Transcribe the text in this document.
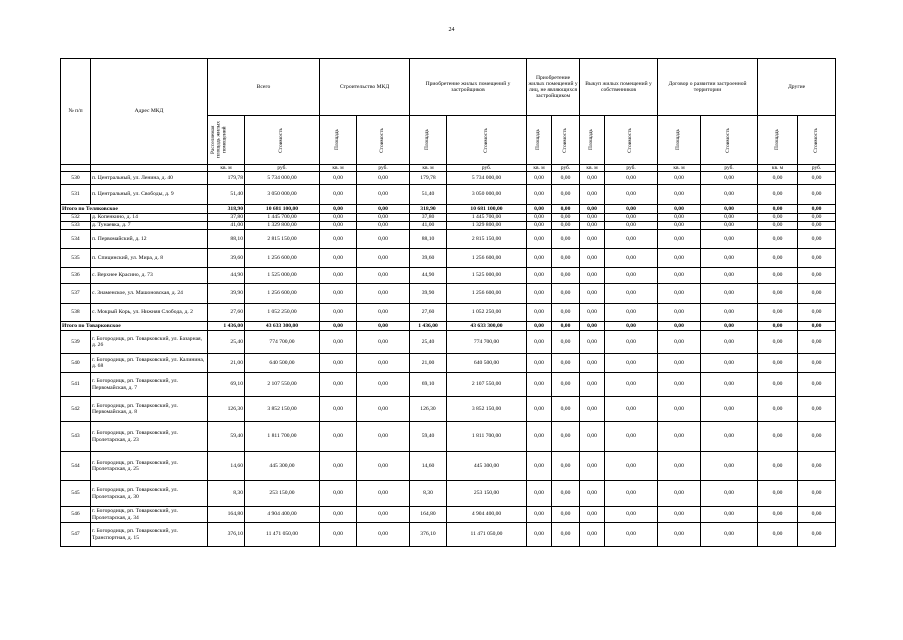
24
№ п/п	Адрес МКД	Всего		Строительство МКД		Приобретение жилых помещений у застройщиков		Приобретение жилых помещений у лиц, не являющихся застройщиком		Выкуп жилых помещений у собственников		Договор о развитии застроенной территории		Другие	

		Расселяемая площадь жилых помещений	Стоимость	Площадь	Стоимость	Площадь	Стоимость	Площадь	Стоимость	Площадь	Стоимость	Площадь	Стоимость	Площадь	Стоимость

		кв. м	руб.	кв. м	руб.	кв. м	руб.	кв. м	руб.	кв. м	руб.	кв. м	руб.	кв. м	руб.
530	п. Центральный, ул. Ленина, д. 40	179,78	5 734 000,00	0,00	0,00	179,78	5 734 000,00	0,00	0,00	0,00	0,00	0,00	0,00	0,00	0,00
531	п. Центральный, ул. Свободы, д. 9	51,40	3 050 000,00	0,00	0,00	51,40	3 050 000,00	0,00	0,00	0,00	0,00	0,00	0,00	0,00	0,00
Итого по Теляковское		318,90	10 681 100,00	0,00	0,00	318,90	10 681 100,00	0,00	0,00	0,00	0,00	0,00	0,00	0,00	0,00
532	д. Копенкино, д. 14	37,80	1 445 700,00	0,00	0,00	37,80	1 445 700,00	0,00	0,00	0,00	0,00	0,00	0,00	0,00	0,00
533	д. Тунаевка, д. 7	41,00	1 329 800,00	0,00	0,00	41,00	1 329 800,00	0,00	0,00	0,00	0,00	0,00	0,00	0,00	0,00
534	п. Первомайский, д. 12	88,10	2 815 150,00	0,00	0,00	88,10	2 815 150,00	0,00	0,00	0,00	0,00	0,00	0,00	0,00	0,00
535	п. Спицинский, ул. Мира, д. 8	39,60	1 256 600,00	0,00	0,00	39,60	1 256 600,00	0,00	0,00	0,00	0,00	0,00	0,00	0,00	0,00
536	с. Верхнее Красино, д. 73	44,90	1 525 000,00	0,00	0,00	44,90	1 525 000,00	0,00	0,00	0,00	0,00	0,00	0,00	0,00	0,00
537	с. Знаменское, ул. Машоновская, д. 24	39,90	1 256 600,00	0,00	0,00	39,90	1 256 600,00	0,00	0,00	0,00	0,00	0,00	0,00	0,00	0,00
538	с. Мокрый Корь, ул. Нижняя Слобода, д. 2	27,60	1 052 250,00	0,00	0,00	27,60	1 052 250,00	0,00	0,00	0,00	0,00	0,00	0,00	0,00	0,00
Итого по Товарковское		1 436,00	43 633 300,00	0,00	0,00	1 436,00	43 633 300,00	0,00	0,00	0,00	0,00	0,00	0,00	0,00	0,00
539	г. Богородицк, рп. Товарковский, ул. Базарная, д. 26	25,40	774 700,00	0,00	0,00	25,40	774 700,00	0,00	0,00	0,00	0,00	0,00	0,00	0,00	0,00
540	г. Богородицк, рп. Товарковский, ул. Калинина, д. 68	21,00	640 500,00	0,00	0,00	21,00	640 500,00	0,00	0,00	0,00	0,00	0,00	0,00	0,00	0,00
541	г. Богородицк, рп. Товарковский, ул. Первомайская, д. 7	69,10	2 107 550,00	0,00	0,00	69,10	2 107 550,00	0,00	0,00	0,00	0,00	0,00	0,00	0,00	0,00
542	г. Богородицк, рп. Товарковский, ул. Первомайская, д. 8	126,30	3 852 150,00	0,00	0,00	126,30	3 852 150,00	0,00	0,00	0,00	0,00	0,00	0,00	0,00	0,00
543	г. Богородицк, рп. Товарковский, ул. Пролетарская, д. 23	59,40	1 811 700,00	0,00	0,00	59,40	1 811 700,00	0,00	0,00	0,00	0,00	0,00	0,00	0,00	0,00
544	г. Богородицк, рп. Товарковский, ул. Пролетарская, д. 25	14,60	445 300,00	0,00	0,00	14,60	445 300,00	0,00	0,00	0,00	0,00	0,00	0,00	0,00	0,00
545	г. Богородицк, рп. Товарковский, ул. Пролетарская, д. 30	8,30	253 150,00	0,00	0,00	8,30	253 150,00	0,00	0,00	0,00	0,00	0,00	0,00	0,00	0,00
546	г. Богородицк, рп. Товарковский, ул. Пролетарская, д. 34	164,80	4 904 400,00	0,00	0,00	164,80	4 904 400,00	0,00	0,00	0,00	0,00	0,00	0,00	0,00	0,00
547	г. Богородицк, рп. Товарковский, ул. Транспортная, д. 15	376,10	11 471 050,00	0,00	0,00	376,10	11 471 050,00	0,00	0,00	0,00	0,00	0,00	0,00	0,00	0,00
